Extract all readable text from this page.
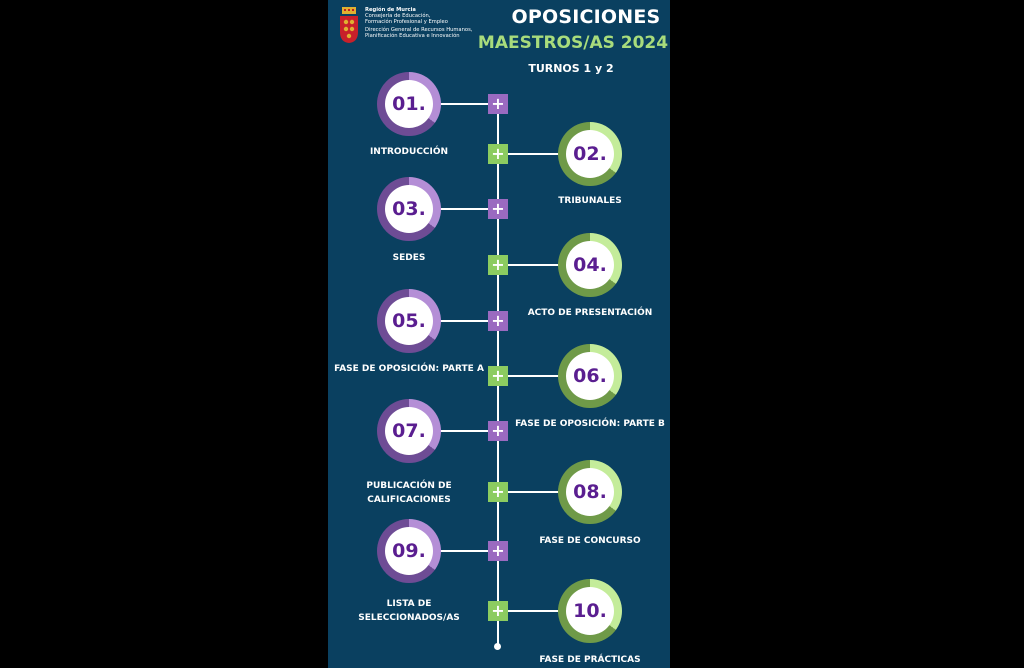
Región de Murcia
Consejería de Educación,
Formación Profesional y Empleo
Dirección General de Recursos Humanos,
Planificación Educativa e Innovación
OPOSICIONES
MAESTROS/AS 2024
TURNOS 1 y 2
+
01.
INTRODUCCIÓN	+	02.
TRIBUNALES
+
03.
SEDES	+	04.
ACTO DE PRESENTACIÓN
+
05.
FASE DE OPOSICIÓN: PARTE A +	06.
FASE DE OPOSICIÓN: PARTE B
+
07.
PUBLICACIÓN DE
CALIFICACIONES	+	08.
FASE DE CONCURSO
+
09.
LISTA DE
SELECCIONADOS/AS	+	10.
FASE DE PRÁCTICAS
